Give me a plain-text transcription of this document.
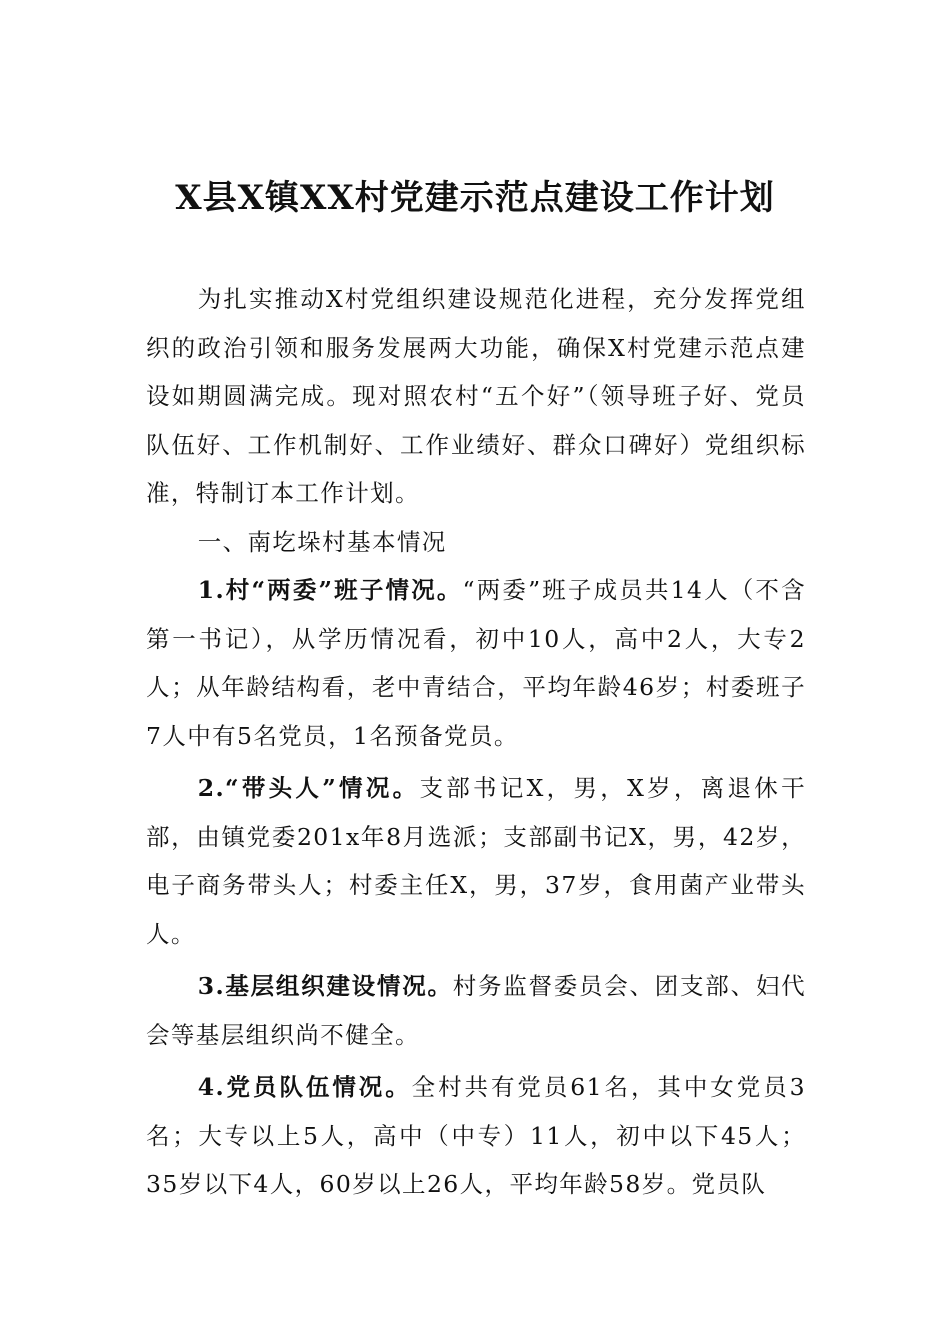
X县X镇XX村党建示范点建设工作计划

为扎实推动X村党组织建设规范化进程，充分发挥党组织的政治引领和服务发展两大功能，确保X村党建示范点建设如期圆满完成。现对照农村“五个好”（领导班子好、党员队伍好、工作机制好、工作业绩好、群众口碑好）党组织标准，特制订本工作计划。

一、南圪垛村基本情况

1.村“两委”班子情况。“两委”班子成员共14人（不含第一书记），从学历情况看，初中10人，高中2人，大专2人；从年龄结构看，老中青结合，平均年龄46岁；村委班子7人中有5名党员，1名预备党员。

2.“带头人”情况。支部书记X，男，X岁，离退休干部，由镇党委201x年8月选派；支部副书记X，男，42岁，电子商务带头人；村委主任X，男，37岁，食用菌产业带头人。

3.基层组织建设情况。村务监督委员会、团支部、妇代会等基层组织尚不健全。

4.党员队伍情况。全村共有党员61名，其中女党员3名；大专以上5人，高中（中专）11人，初中以下45人；35岁以下4人，60岁以上26人，平均年龄58岁。党员队
